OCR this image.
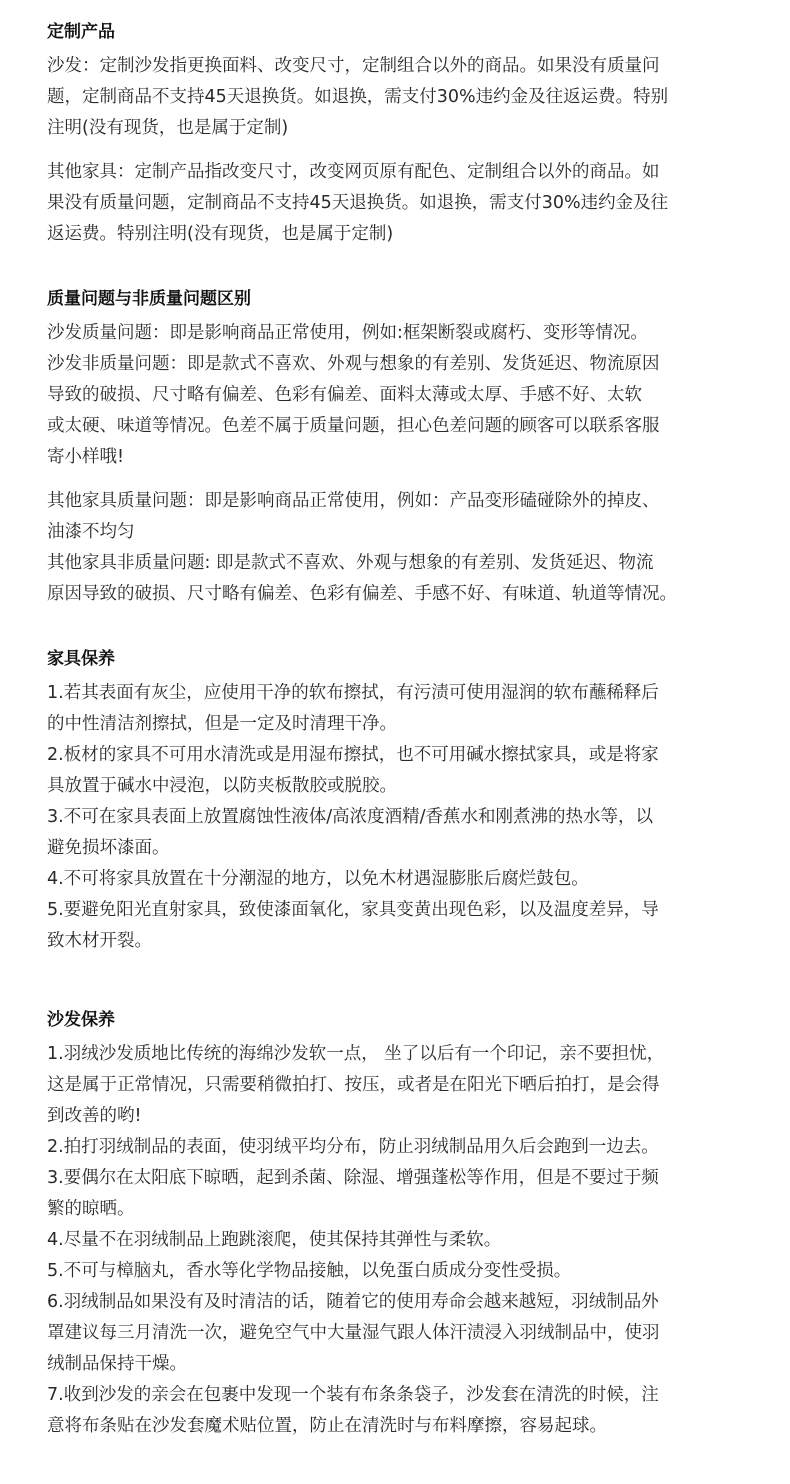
定制产品

沙发：定制沙发指更换面料、改变尺寸，定制组合以外的商品。如果没有质量问
题，定制商品不支持45天退换货。如退换，需支付30%违约金及往返运费。特别
注明(没有现货，也是属于定制)

其他家具：定制产品指改变尺寸，改变网页原有配色、定制组合以外的商品。如
果没有质量问题，定制商品不支持45天退换货。如退换，需支付30%违约金及往
返运费。特别注明(没有现货，也是属于定制)

质量问题与非质量问题区别

沙发质量问题：即是影响商品正常使用，例如:框架断裂或腐朽、变形等情况。

沙发非质量问题：即是款式不喜欢、外观与想象的有差别、发货延迟、物流原因
导致的破损、尺寸略有偏差、色彩有偏差、面料太薄或太厚、手感不好、太软
或太硬、味道等情况。色差不属于质量问题，担心色差问题的顾客可以联系客服
寄小样哦!

其他家具质量问题：即是影响商品正常使用，例如：产品变形磕碰除外的掉皮、
油漆不均匀

其他家具非质量问题: 即是款式不喜欢、外观与想象的有差别、发货延迟、物流
原因导致的破损、尺寸略有偏差、色彩有偏差、手感不好、有味道、轨道等情况。

家具保养

1.若其表面有灰尘，应使用干净的软布擦拭，有污渍可使用湿润的软布蘸稀释后
的中性清洁剂擦拭，但是一定及时清理干净。

2.板材的家具不可用水清洗或是用湿布擦拭，也不可用碱水擦拭家具，或是将家
具放置于碱水中浸泡，以防夹板散胶或脱胶。

3.不可在家具表面上放置腐蚀性液体/高浓度酒精/香蕉水和刚煮沸的热水等，以
避免损坏漆面。

4.不可将家具放置在十分潮湿的地方，以免木材遇湿膨胀后腐烂鼓包。

5.要避免阳光直射家具，致使漆面氧化，家具变黄出现色彩，以及温度差异，导
致木材开裂。

沙发保养

1.羽绒沙发质地比传统的海绵沙发软一点， 坐了以后有一个印记，亲不要担忧，
这是属于正常情况，只需要稍微拍打、按压，或者是在阳光下晒后拍打，是会得
到改善的哟!

2.拍打羽绒制品的表面，使羽绒平均分布，防止羽绒制品用久后会跑到一边去。

3.要偶尔在太阳底下晾晒，起到杀菌、除湿、增强蓬松等作用，但是不要过于频
繁的晾晒。

4.尽量不在羽绒制品上跑跳滚爬，使其保持其弹性与柔软。

5.不可与樟脑丸，香水等化学物品接触，以免蛋白质成分变性受损。

6.羽绒制品如果没有及时清洁的话，随着它的使用寿命会越来越短，羽绒制品外
罩建议每三月清洗一次，避免空气中大量湿气跟人体汗渍浸入羽绒制品中，使羽
绒制品保持干燥。

7.收到沙发的亲会在包裹中发现一个装有布条条袋子，沙发套在清洗的时候，注
意将布条贴在沙发套魔术贴位置，防止在清洗时与布料摩擦，容易起球。
